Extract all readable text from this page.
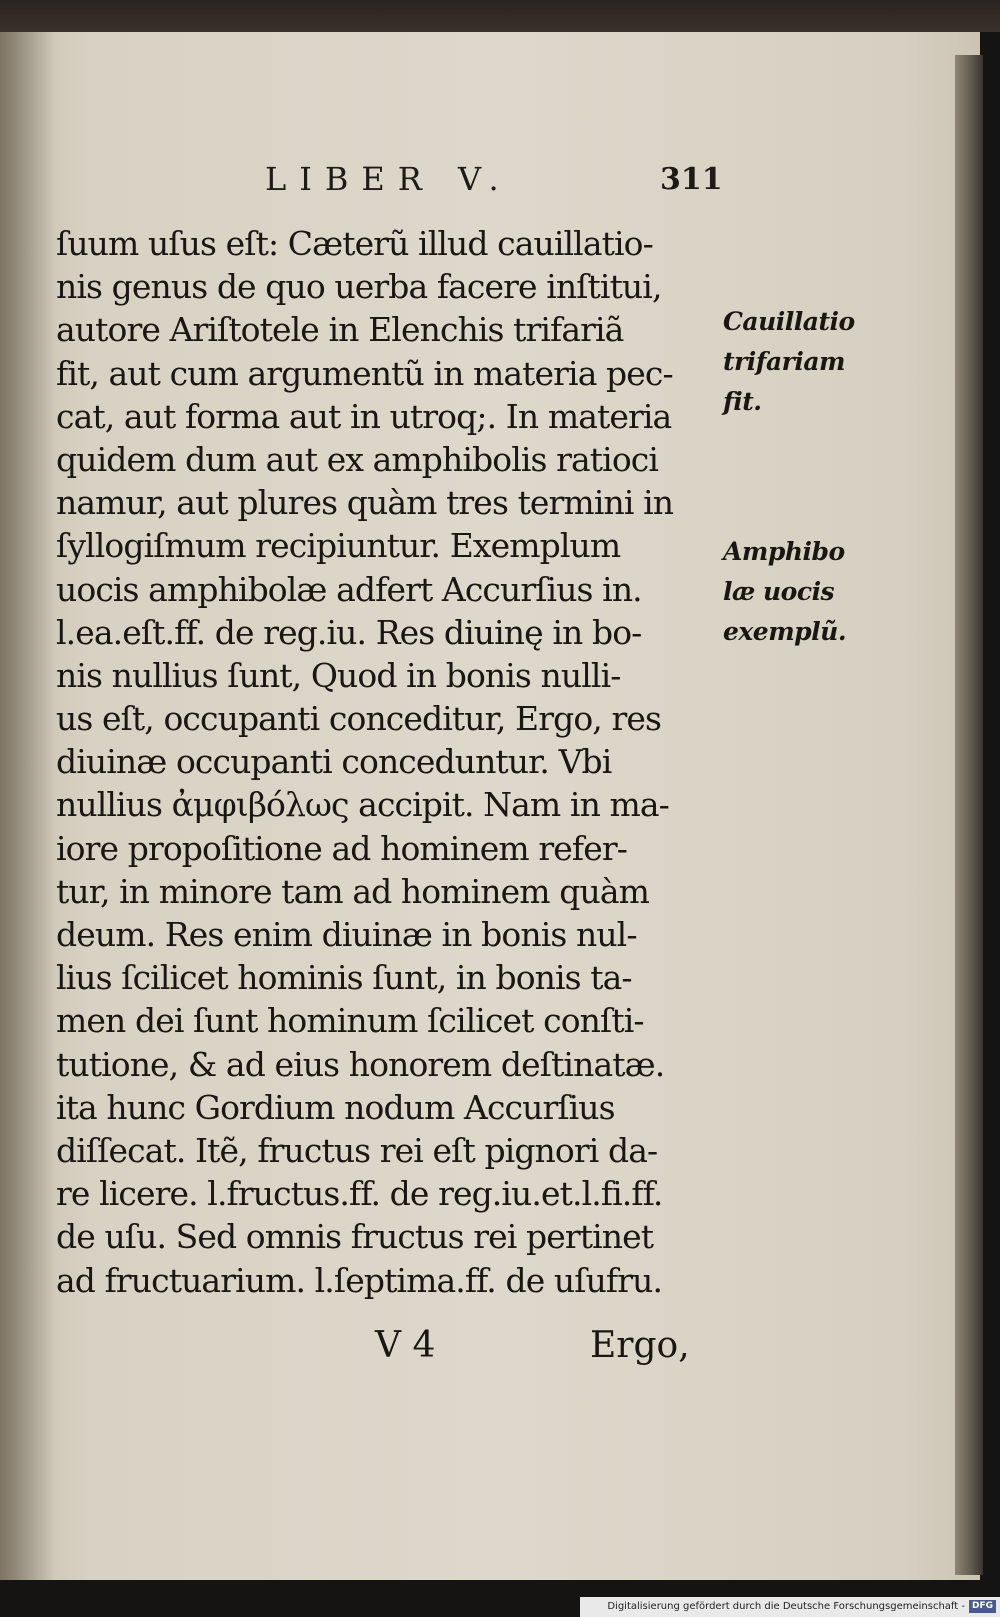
LIBER V.	311
ſuum uſus eſt: Cæterũ illud cauillatio-
nis genus de quo uerba facere inſtitui,
autore Ariſtotele in Elenchis trifariã
fit, aut cum argumentũ in materia pec-
cat, aut forma aut in utroq;. In materia
quidem dum aut ex amphibolis ratioci
namur, aut plures quàm tres termini in
ſyllogiſmum recipiuntur. Exemplum
uocis amphibolæ adfert Accurſius in.
l.ea.eſt.ff. de reg.iu. Res diuinę in bo-
nis nullius ſunt, Quod in bonis nulli-
us eſt, occupanti conceditur, Ergo, res
diuinæ occupanti conceduntur. Vbi
nullius ἀμφιβόλως accipit. Nam in ma-
iore propoſitione ad hominem refer-
tur, in minore tam ad hominem quàm
deum. Res enim diuinæ in bonis nul-
lius ſcilicet hominis ſunt, in bonis ta-
men dei ſunt hominum ſcilicet conſti-
tutione, & ad eius honorem deſtinatæ.
ita hunc Gordium nodum Accurſius
diſſecat. Itẽ, fructus rei eſt pignori da-
re licere. l.fructus.ff. de reg.iu.et.l.fi.ff.
de uſu. Sed omnis fructus rei pertinet
ad fructuarium. l.ſeptima.ff. de uſufru.
Cauillatio
trifariam
fit.
Amphibo
læ uocis
exemplũ.
V 4	Ergo,
Digitalisierung gefördert durch die Deutsche Forschungsgemeinschaft - DFG
